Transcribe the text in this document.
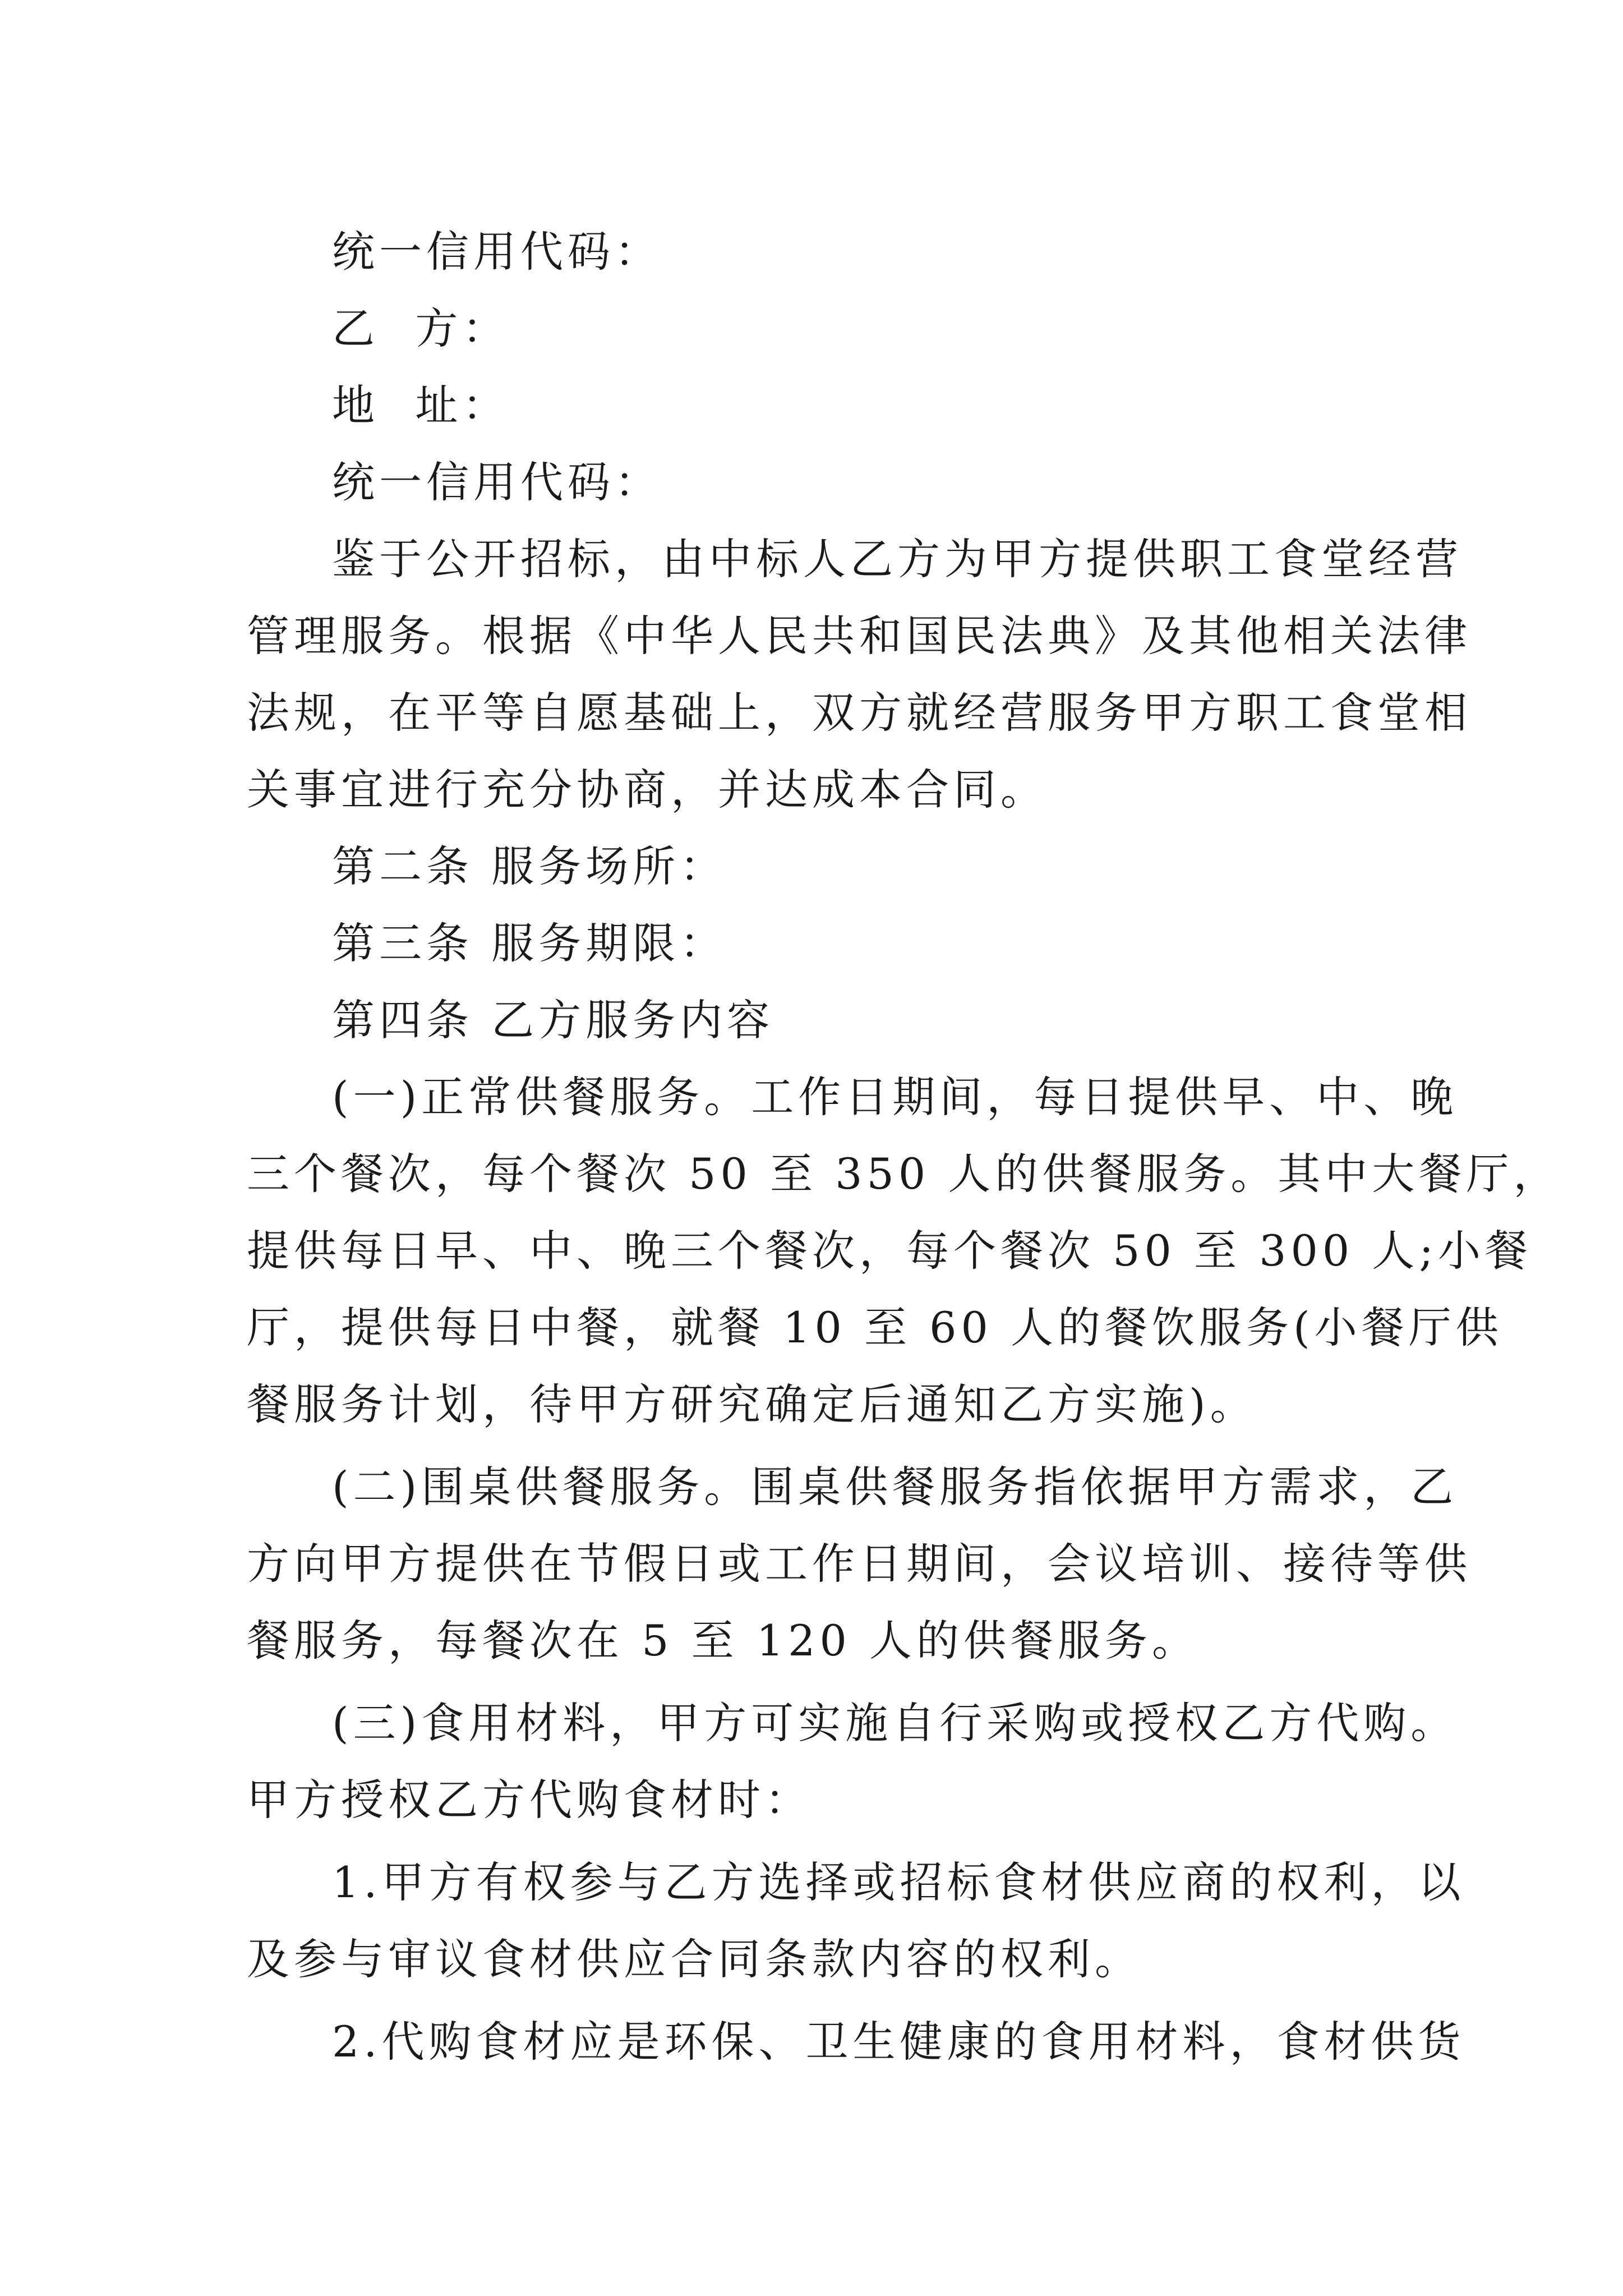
统一信用代码：
乙  方：
地  址：
统一信用代码：
鉴于公开招标，由中标人乙方为甲方提供职工食堂经营
管理服务。根据《中华人民共和国民法典》及其他相关法律
法规，在平等自愿基础上，双方就经营服务甲方职工食堂相
关事宜进行充分协商，并达成本合同。
第二条 服务场所：
第三条 服务期限：
第四条 乙方服务内容
(一)正常供餐服务。工作日期间，每日提供早、中、晚
三个餐次，每个餐次 50 至 350 人的供餐服务。其中大餐厅，
提供每日早、中、晚三个餐次，每个餐次 50 至 300 人;小餐
厅，提供每日中餐，就餐 10 至 60 人的餐饮服务(小餐厅供
餐服务计划，待甲方研究确定后通知乙方实施)。
(二)围桌供餐服务。围桌供餐服务指依据甲方需求，乙
方向甲方提供在节假日或工作日期间，会议培训、接待等供
餐服务，每餐次在 5 至 120 人的供餐服务。
(三)食用材料，甲方可实施自行采购或授权乙方代购。
甲方授权乙方代购食材时：
1.甲方有权参与乙方选择或招标食材供应商的权利，以
及参与审议食材供应合同条款内容的权利。
2.代购食材应是环保、卫生健康的食用材料，食材供货
